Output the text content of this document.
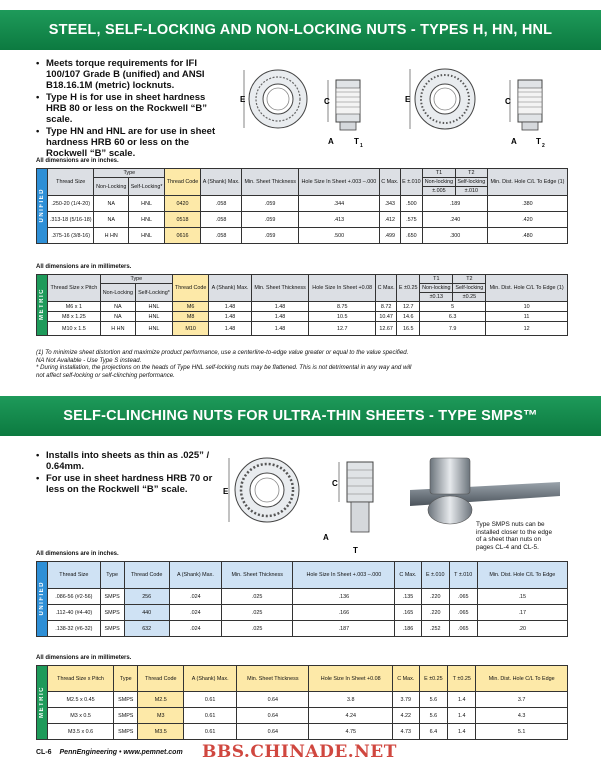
STEEL, SELF-LOCKING AND NON-LOCKING NUTS - TYPES H, HN, HNL
• Meets torque requirements for IFI 100/107 Grade B (unified) and ANSI B18.16.1M (metric) locknuts.
• Type H is for use in sheet hardness HRB 80 or less on the Rockwell “B” scale.
• Type HN and HNL are for use in sheet hardness HRB 60 or less on the Rockwell “B” scale.
E	C
A	T 1
E	C
A T 2
All dimensions are in inches.
UNIFIED	Thread Size	Type		Thread Code	A (Shank) Max.	Min. Sheet Thickness	Hole Size In Sheet +.003 –.000	C Max.	E ±.010	T1	T2	Min. Dist. Hole C/L To Edge (1)
		Non-Locking	Self-Locking*							Non-locking	Self-locking	
										±.005	±.010	
	.250-20 (1/4-20)	NA	HNL	0420	.058	.059	.344	.343	.500	.189		.380
	.313-18 (5/16-18)	NA	HNL	0518	.058	.059	.413	.412	.575	.240		.420
	.375-16 (3/8-16)	H HN	HNL	0616	.058	.059	.500	.499	.650	.300		.480
All dimensions are in millimeters.
METRIC	Thread Size x Pitch	Type		Thread Code	A (Shank) Max.	Min. Sheet Thickness	Hole Size In Sheet +0.08	C Max.	E ±0.25	T1	T2	Min. Dist. Hole C/L To Edge (1)
		Non-Locking	Self-Locking*							Non-locking	Self-locking	
										±0.13	±0.25	
	M6 x 1	NA	HNL	M6	1.48	1.48	8.75	8.72	12.7	5		10
	M8 x 1.25	NA	HNL	M8	1.48	1.48	10.5	10.47	14.6	6.3		11
	M10 x 1.5	H HN	HNL	M10	1.48	1.48	12.7	12.67	16.5	7.9		12
(1) To minimize sheet distortion and maximize product performance, use a centerline-to-edge value greater or equal to the value specified.
NA Not Available - Use Type S instead.
* During installation, the projections on the heads of Type HNL self-locking nuts may be flattened. This is not detrimental in any way and will
not affect self-locking or self-clinching performance.
SELF-CLINCHING NUTS FOR ULTRA-THIN SHEETS - TYPE SMPS™
• Installs into sheets as thin as .025” / 0.64mm.
• For use in sheet hardness HRB 70 or less on the Rockwell “B” scale.	E
C
A
T
Type SMPS nuts can be installed closer to the edge of a sheet than nuts on pages CL-4 and CL-5.
All dimensions are in inches.
UNIFIED	Thread Size	Type	Thread Code	A (Shank) Max.	Min. Sheet Thickness	Hole Size In Sheet +.003 –.000	C Max.	E ±.010	T ±.010	Min. Dist. Hole C/L To Edge
	.086-56 (#2-56)	SMPS	256	.024	.025	.136	.135	.220	.065	.15
	.112-40 (#4-40)	SMPS	440	.024	.025	.166	.165	.220	.065	.17
	.138-32 (#6-32)	SMPS	632	.024	.025	.187	.186	.252	.065	.20
All dimensions are in millimeters.
METRIC	Thread Size x Pitch	Type	Thread Code	A (Shank) Max.	Min. Sheet Thickness	Hole Size In Sheet +0.08	C Max.	E ±0.25	T ±0.25	Min. Dist. Hole C/L To Edge
	M2.5 x 0.45	SMPS	M2.5	0.61	0.64	3.8	3.79	5.6	1.4	3.7
	M3 x 0.5	SMPS	M3	0.61	0.64	4.24	4.22	5.6	1.4	4.3
	M3.5 x 0.6	SMPS	M3.5	0.61	0.64	4.75	4.73	6.4	1.4	5.1
CL-6 PennEngineering • www.pemnet.com BBS.CHINADE.NET
